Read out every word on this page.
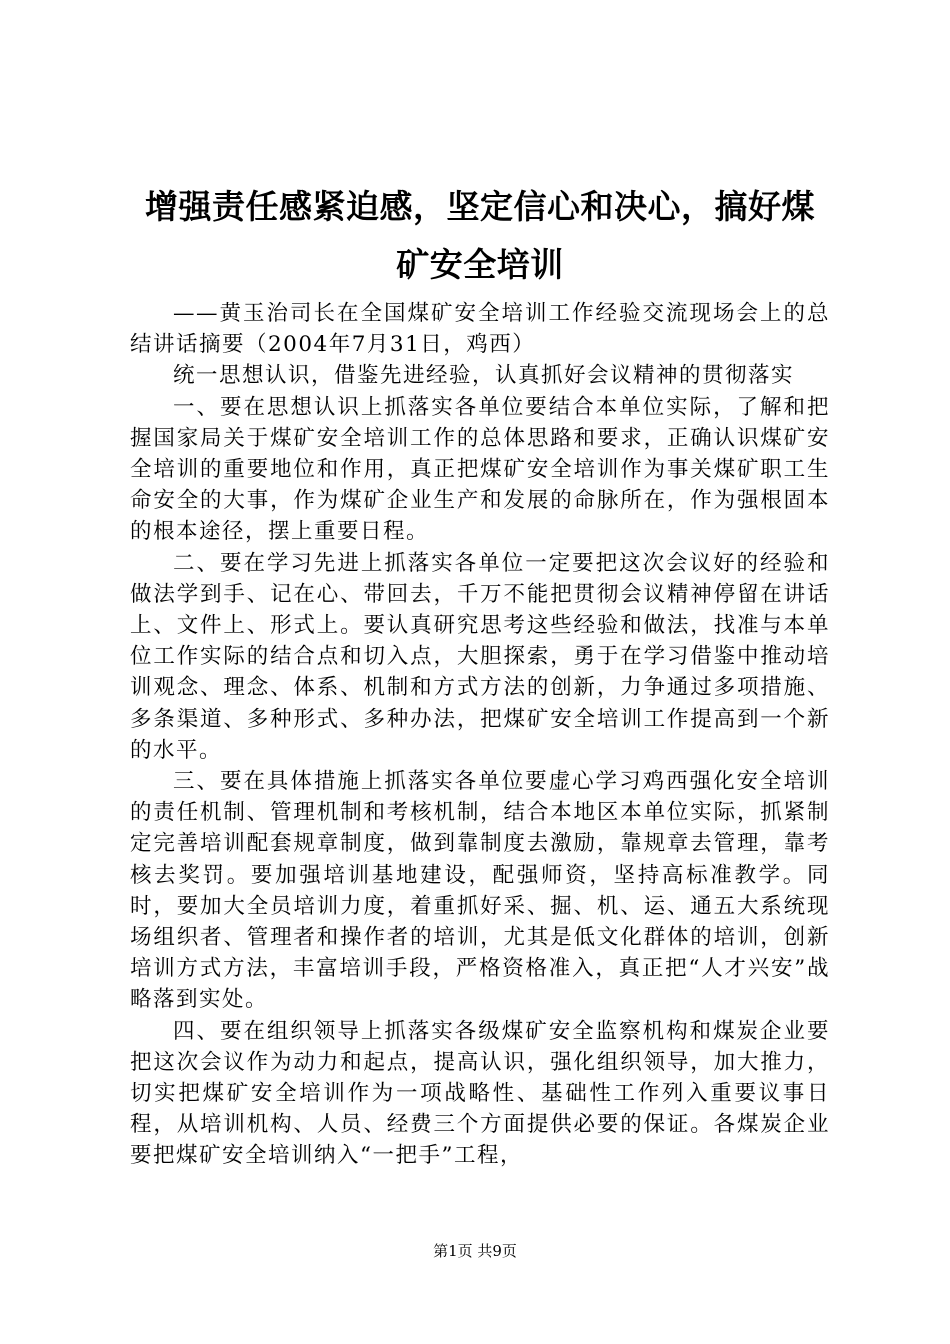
增强责任感紧迫感，坚定信心和决心，搞好煤
矿安全培训

——黄玉治司长在全国煤矿安全培训工作经验交流现场会上的总结讲话摘要（2004年7月31日，鸡西）

统一思想认识，借鉴先进经验，认真抓好会议精神的贯彻落实

一、要在思想认识上抓落实各单位要结合本单位实际，了解和把握国家局关于煤矿安全培训工作的总体思路和要求，正确认识煤矿安全培训的重要地位和作用，真正把煤矿安全培训作为事关煤矿职工生命安全的大事，作为煤矿企业生产和发展的命脉所在，作为强根固本的根本途径，摆上重要日程。

二、要在学习先进上抓落实各单位一定要把这次会议好的经验和做法学到手、记在心、带回去，千万不能把贯彻会议精神停留在讲话上、文件上、形式上。要认真研究思考这些经验和做法，找准与本单位工作实际的结合点和切入点，大胆探索，勇于在学习借鉴中推动培训观念、理念、体系、机制和方式方法的创新，力争通过多项措施、多条渠道、多种形式、多种办法，把煤矿安全培训工作提高到一个新的水平。

三、要在具体措施上抓落实各单位要虚心学习鸡西强化安全培训的责任机制、管理机制和考核机制，结合本地区本单位实际，抓紧制定完善培训配套规章制度，做到靠制度去激励，靠规章去管理，靠考核去奖罚。要加强培训基地建设，配强师资，坚持高标准教学。同时，要加大全员培训力度，着重抓好采、掘、机、运、通五大系统现场组织者、管理者和操作者的培训，尤其是低文化群体的培训，创新培训方式方法，丰富培训手段，严格资格准入，真正把“人才兴安”战略落到实处。

四、要在组织领导上抓落实各级煤矿安全监察机构和煤炭企业要把这次会议作为动力和起点，提高认识，强化组织领导，加大推力，切实把煤矿安全培训作为一项战略性、基础性工作列入重要议事日程，从培训机构、人员、经费三个方面提供必要的保证。各煤炭企业要把煤矿安全培训纳入“一把手”工程，

第1页 共9页
